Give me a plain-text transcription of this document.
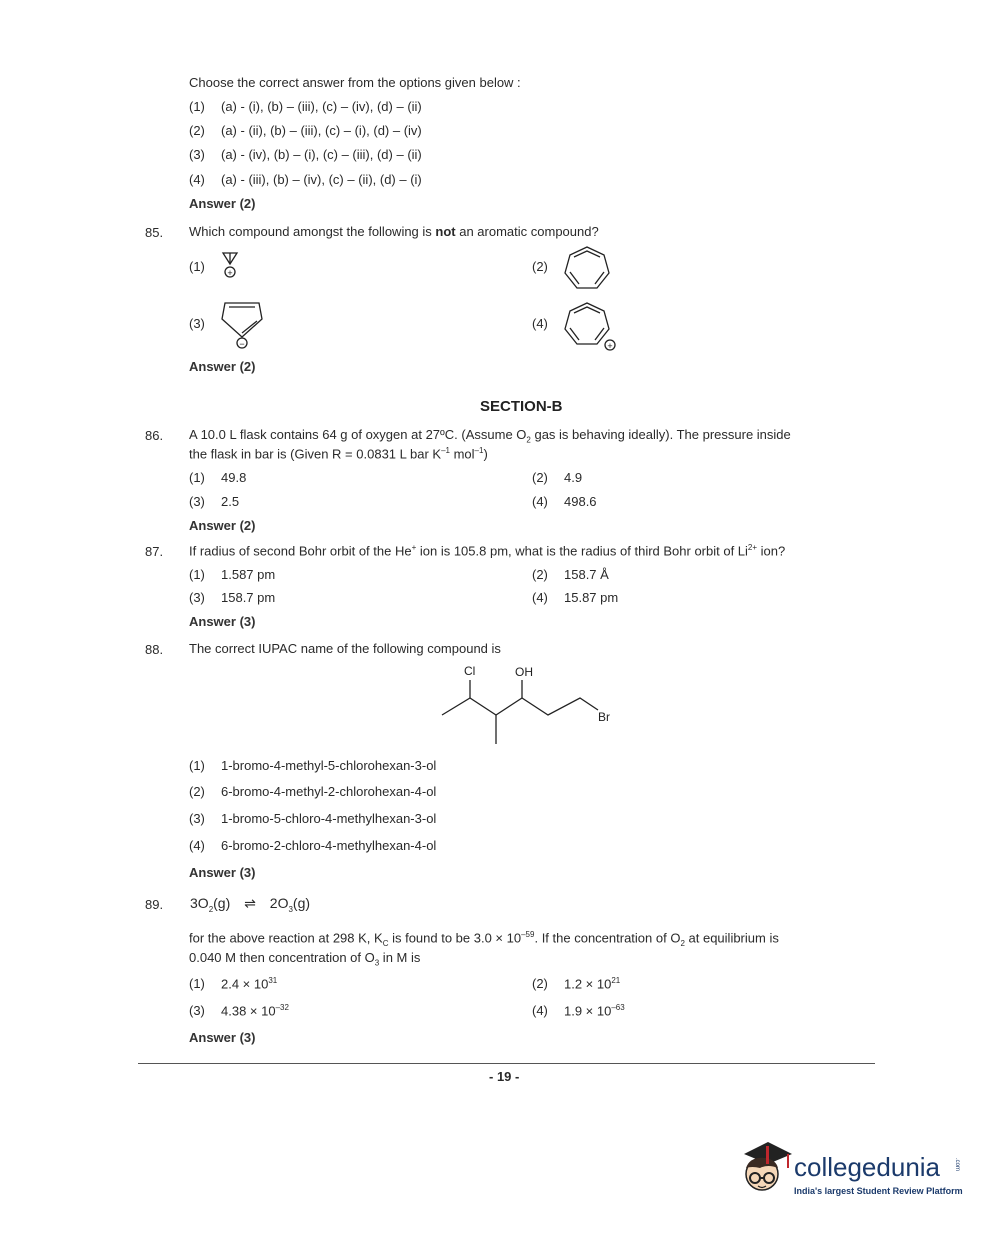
Choose the correct answer from the options given below :
(1) (a) - (i), (b) – (iii), (c) – (iv), (d) – (ii)
(2) (a) - (ii), (b) – (iii), (c) – (i), (d) – (iv)
(3) (a) - (iv), (b) – (i), (c) – (iii), (d) – (ii)
(4) (a) - (iii), (b) – (iv), (c) – (ii), (d) – (i)
Answer (2)
85. Which compound amongst the following is not an aromatic compound?
(1) +	(2)
(3)
−
(4)
+
Answer (2)
SECTION-B
86. A 10.0 L flask contains 64 g of oxygen at 27ºC. (Assume $O_2$ gas is behaving ideally). The pressure inside
the flask in bar is (Given R = 0.0831 L bar $K^{-1}$ mol$^{-1}$)
(1) 49.8	(2) 4.9
(3) 2.5	(4) 498.6
Answer (2)
87. If radius of second Bohr orbit of the He+ ion is 105.8 pm, what is the radius of third Bohr orbit of $Li^{2+}$ ion?
(1) 1.587 pm	(2) 158.7 Å
(3) 158.7 pm	(4) 15.87 pm
Answer (3)
88. The correct IUPAC name of the following compound is
Cl	OH
Br
(1) 1-bromo-4-methyl-5-chlorohexan-3-ol
(2) 6-bromo-4-methyl-2-chlorohexan-4-ol
(3) 1-bromo-5-chloro-4-methylhexan-3-ol
(4) 6-bromo-2-chloro-4-methylhexan-4-ol
Answer (3)
89. $3O_2(g)$ ⇌ $2O_3(g)$
for the above reaction at 298 K, $K_C$ is found to be $3.0 \times 10^{-59}$. If the concentration of $O_2$ at equilibrium is
0.040 M then concentration of $O_3$ in M is
(1) $2.4 \times 10^{31}$	(2) $1.2 \times 10^{21}$
(3) $4.38 \times 10^{-32}$	(4) $1.9 \times 10^{-63}$
Answer (3)
- 19 -
collegedunia .com
India's largest Student Review Platform
